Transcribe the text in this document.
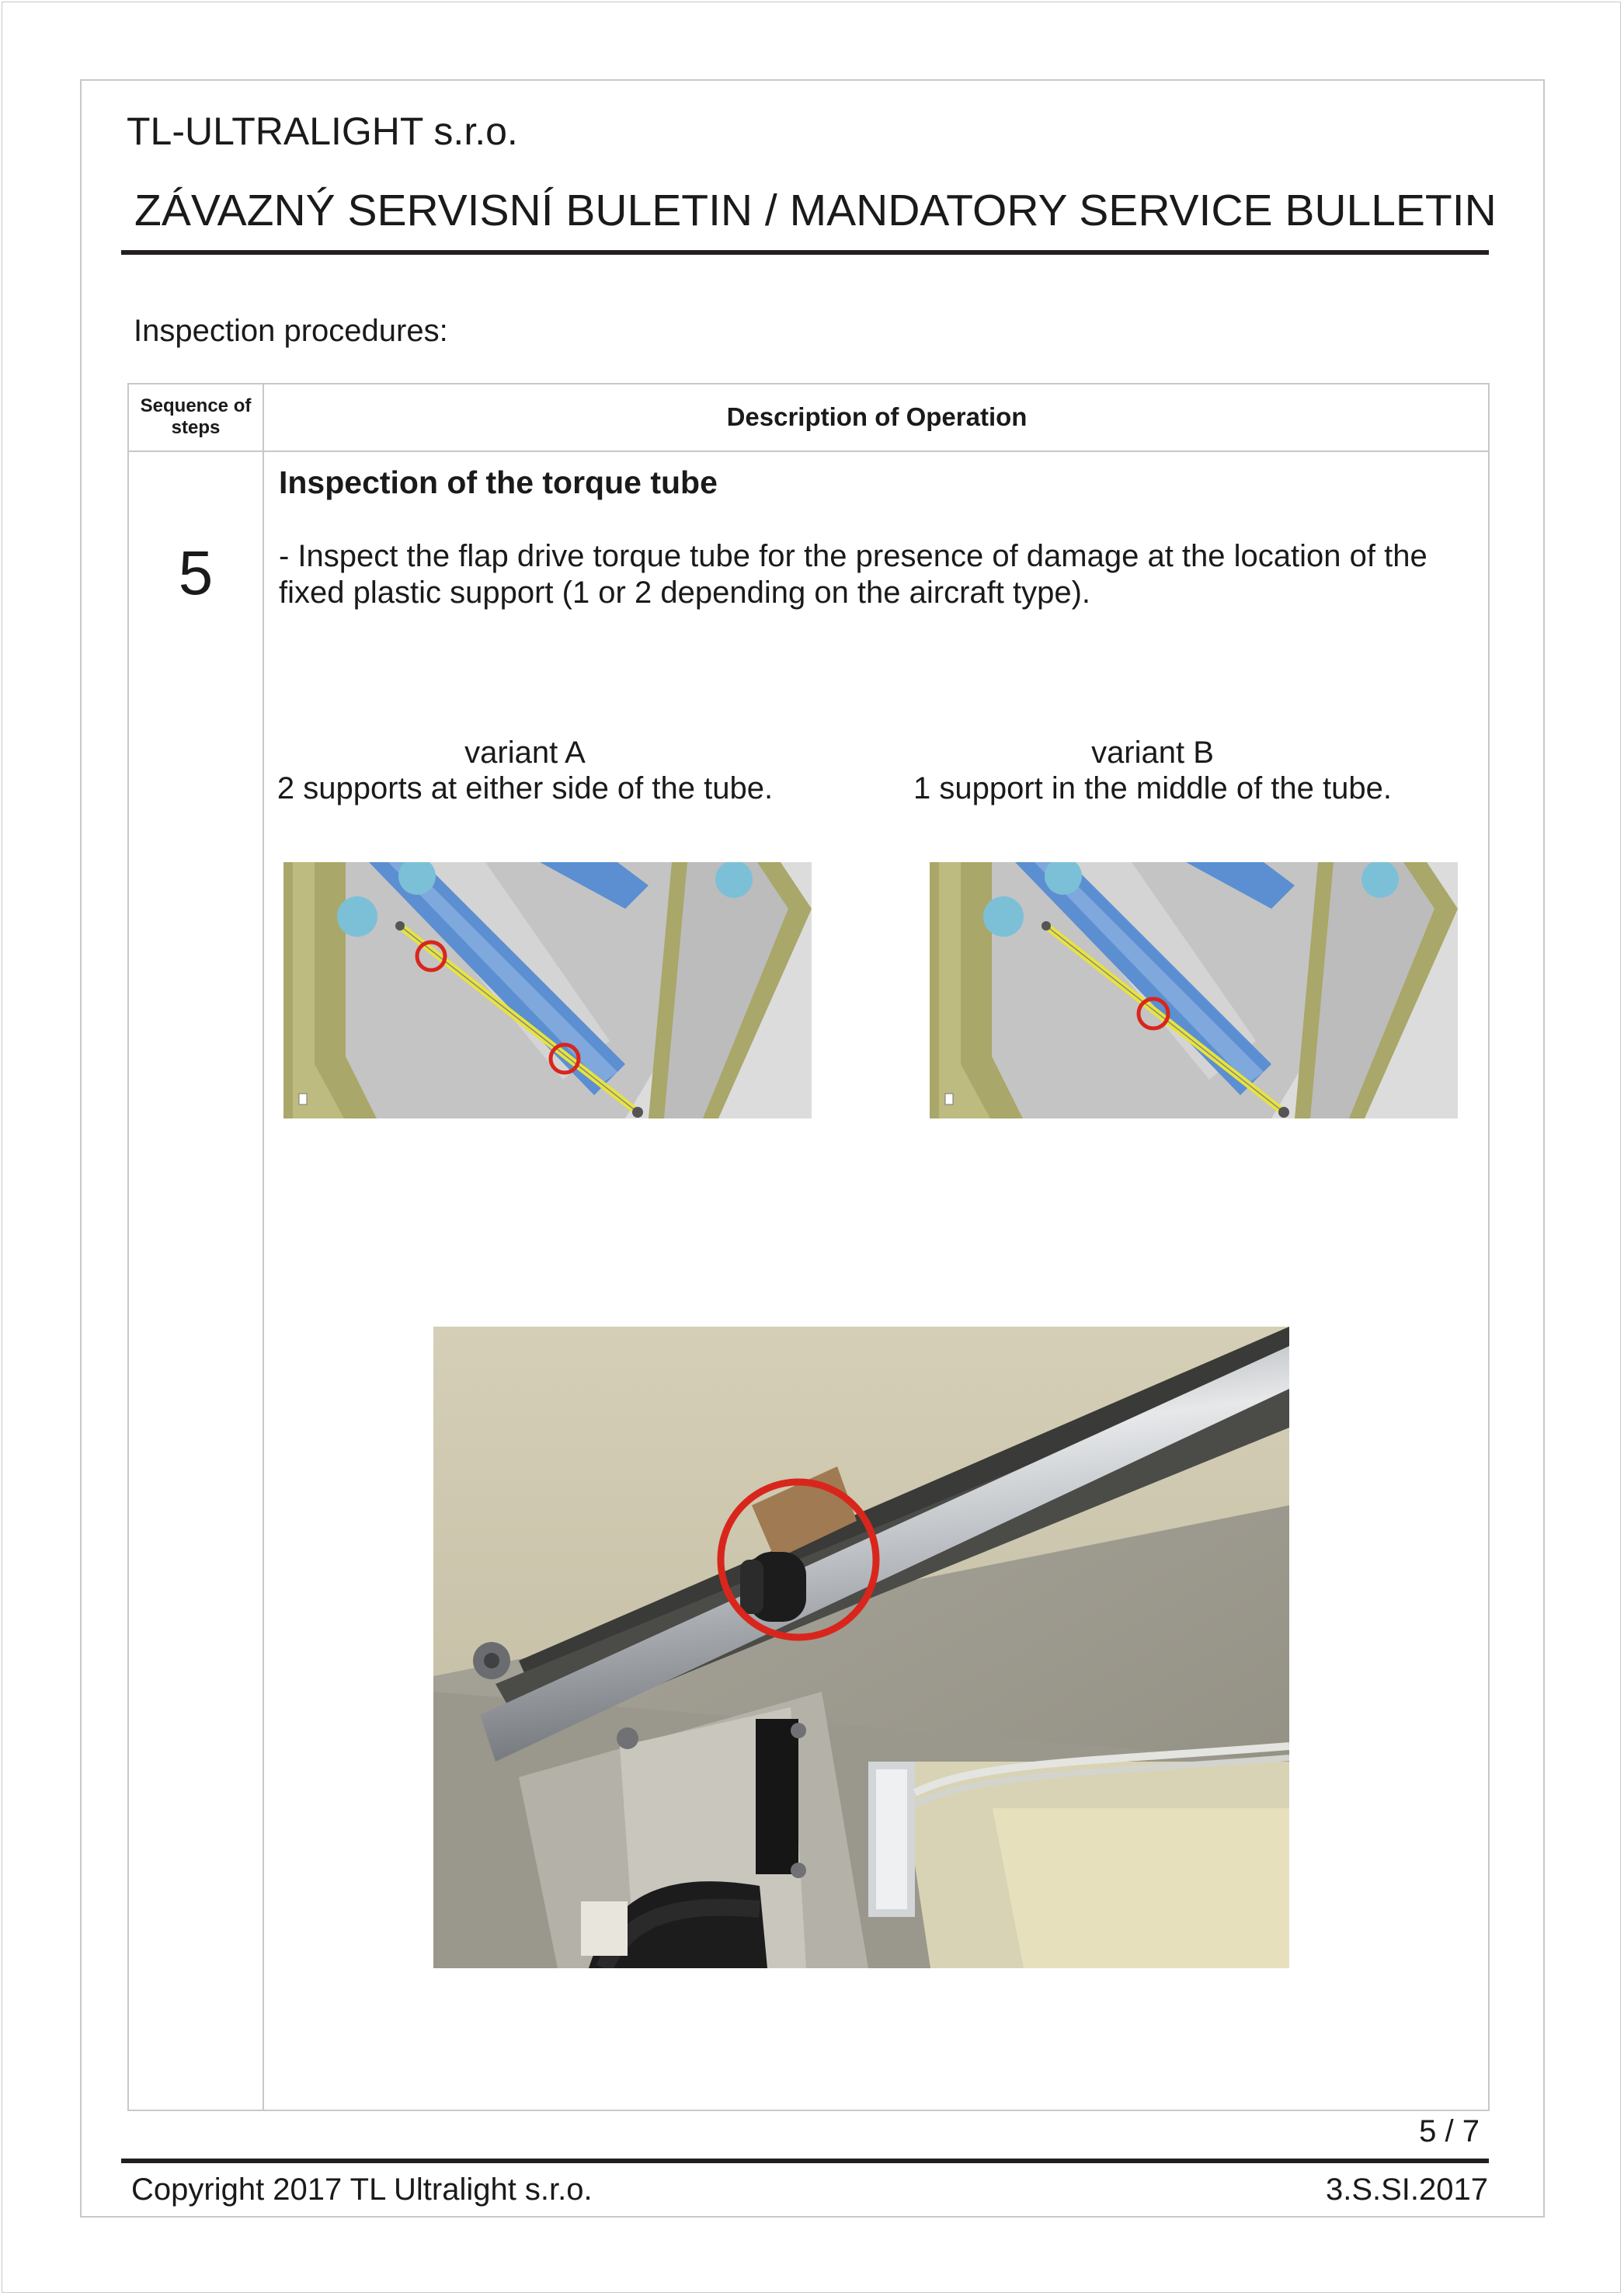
TL-ULTRALIGHT s.r.o.
ZÁVAZNÝ SERVISNÍ BULETIN / MANDATORY SERVICE BULLETIN
Inspection procedures:
Sequence of steps	Description of Operation
5
Inspection of the torque tube
- Inspect the flap drive torque tube for the presence of damage at the location of the fixed plastic support (1 or 2 depending on the aircraft type).
variant A
2 supports at either side of the tube.
variant B
1 support in the middle of the tube.
5 / 7
Copyright 2017 TL Ultralight s.r.o.	3.S.SI.2017
